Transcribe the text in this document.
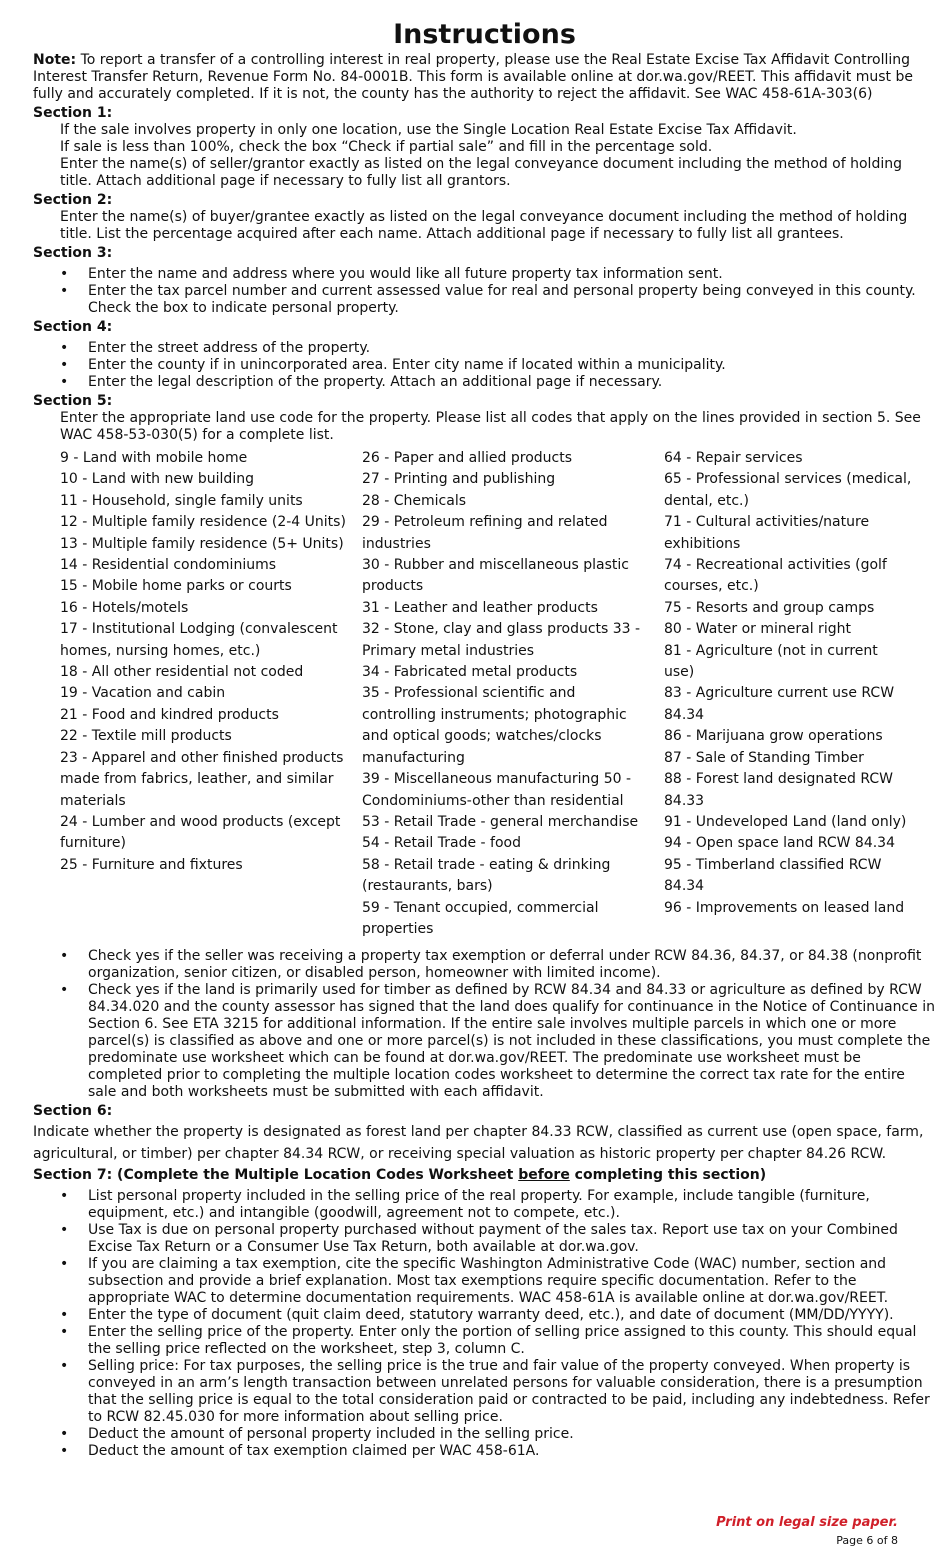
Instructions

Note: To report a transfer of a controlling interest in real property, please use the Real Estate Excise Tax Affidavit Controlling Interest Transfer Return, Revenue Form No. 84-0001B. This form is available online at dor.wa.gov/REET. This affidavit must be fully and accurately completed. If it is not, the county has the authority to reject the affidavit. See WAC 458-61A-303(6)

Section 1:

If the sale involves property in only one location, use the Single Location Real Estate Excise Tax Affidavit.

If sale is less than 100%, check the box “Check if partial sale” and fill in the percentage sold.

Enter the name(s) of seller/grantor exactly as listed on the legal conveyance document including the method of holding title. Attach additional page if necessary to fully list all grantors.

Section 2:

Enter the name(s) of buyer/grantee exactly as listed on the legal conveyance document including the method of holding title. List the percentage acquired after each name. Attach additional page if necessary to fully list all grantees.

Section 3:
• Enter the name and address where you would like all future property tax information sent.
• Enter the tax parcel number and current assessed value for real and personal property being conveyed in this county. Check the box to indicate personal property.
Section 4:
• Enter the street address of the property.
• Enter the county if in unincorporated area. Enter city name if located within a municipality.
• Enter the legal description of the property. Attach an additional page if necessary.
Section 5:

Enter the appropriate land use code for the property. Please list all codes that apply on the lines provided in section 5. See WAC 458-53-030(5) for a complete list.

9 - Land with mobile home
10 - Land with new building
11 - Household, single family units
12 - Multiple family residence (2-4 Units)
13 - Multiple family residence (5+ Units)
14 - Residential condominiums
15 - Mobile home parks or courts
16 - Hotels/motels
17 - Institutional Lodging (convalescent homes, nursing homes, etc.)
18 - All other residential not coded
19 - Vacation and cabin
21 - Food and kindred products
22 - Textile mill products
23 - Apparel and other finished products made from fabrics, leather, and similar materials
24 - Lumber and wood products (except furniture)
25 - Furniture and fixtures
26 - Paper and allied products
27 - Printing and publishing
28 - Chemicals
29 - Petroleum refining and related industries
30 - Rubber and miscellaneous plastic products
31 - Leather and leather products
32 - Stone, clay and glass products 33 - Primary metal industries
34 - Fabricated metal products
35 - Professional scientific and controlling instruments; photographic and optical goods; watches/clocks manufacturing
39 - Miscellaneous manufacturing 50 - Condominiums-other than residential
53 - Retail Trade - general merchandise 54 - Retail Trade - food
58 - Retail trade - eating & drinking (restaurants, bars)
59 - Tenant occupied, commercial properties
64 - Repair services
65 - Professional services (medical, dental, etc.)
71 - Cultural activities/nature exhibitions
74 - Recreational activities (golf courses, etc.)
75 - Resorts and group camps
80 - Water or mineral right
81 - Agriculture (not in current use)
83 - Agriculture current use RCW 84.34
86 - Marijuana grow operations
87 - Sale of Standing Timber
88 - Forest land designated RCW 84.33
91 - Undeveloped Land (land only)
94 - Open space land RCW 84.34
95 - Timberland classified RCW 84.34
96 - Improvements on leased land
• Check yes if the seller was receiving a property tax exemption or deferral under RCW 84.36, 84.37, or 84.38 (nonprofit organization, senior citizen, or disabled person, homeowner with limited income).
• Check yes if the land is primarily used for timber as defined by RCW 84.34 and 84.33 or agriculture as defined by RCW 84.34.020 and the county assessor has signed that the land does qualify for continuance in the Notice of Continuance in Section 6. See ETA 3215 for additional information. If the entire sale involves multiple parcels in which one or more parcel(s) is classified as above and one or more parcel(s) is not included in these classifications, you must complete the predominate use worksheet which can be found at dor.wa.gov/REET. The predominate use worksheet must be completed prior to completing the multiple location codes worksheet to determine the correct tax rate for the entire sale and both worksheets must be submitted with each affidavit.
Section 6:

Indicate whether the property is designated as forest land per chapter 84.33 RCW, classified as current use (open space, farm, agricultural, or timber) per chapter 84.34 RCW, or receiving special valuation as historic property per chapter 84.26 RCW.

Section 7: (Complete the Multiple Location Codes Worksheet before completing this section)
• List personal property included in the selling price of the real property. For example, include tangible (furniture, equipment, etc.) and intangible (goodwill, agreement not to compete, etc.).
• Use Tax is due on personal property purchased without payment of the sales tax. Report use tax on your Combined Excise Tax Return or a Consumer Use Tax Return, both available at dor.wa.gov.
• If you are claiming a tax exemption, cite the specific Washington Administrative Code (WAC) number, section and subsection and provide a brief explanation. Most tax exemptions require specific documentation. Refer to the appropriate WAC to determine documentation requirements. WAC 458-61A is available online at dor.wa.gov/REET.
• Enter the type of document (quit claim deed, statutory warranty deed, etc.), and date of document (MM/DD/YYYY).
• Enter the selling price of the property. Enter only the portion of selling price assigned to this county. This should equal the selling price reflected on the worksheet, step 3, column C.
• Selling price: For tax purposes, the selling price is the true and fair value of the property conveyed. When property is conveyed in an arm’s length transaction between unrelated persons for valuable consideration, there is a presumption that the selling price is equal to the total consideration paid or contracted to be paid, including any indebtedness. Refer to RCW 82.45.030 for more information about selling price.
• Deduct the amount of personal property included in the selling price.
• Deduct the amount of tax exemption claimed per WAC 458-61A.
Print on legal size paper.
Page 6 of 8
